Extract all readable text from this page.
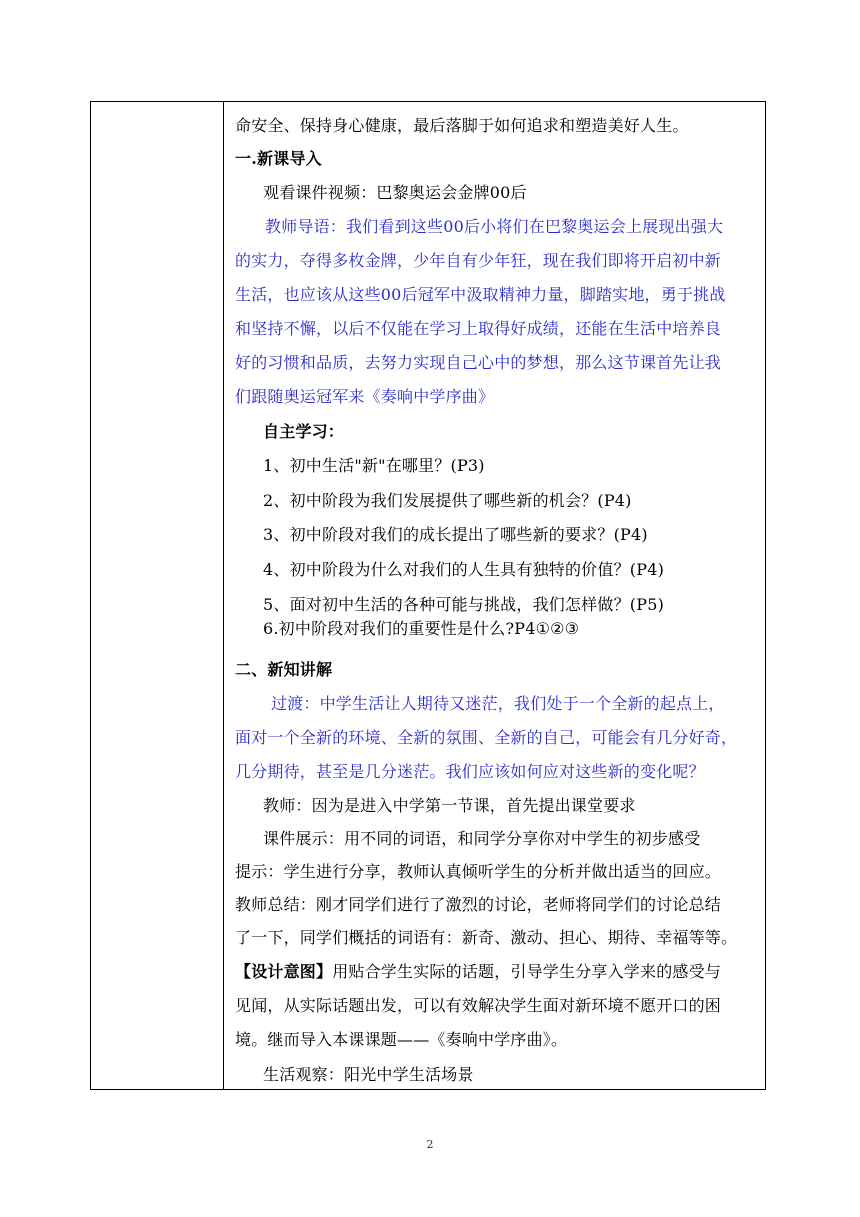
命安全、保持身心健康，最后落脚于如何追求和塑造美好人生。
一.新课导入
观看课件视频：巴黎奥运会金牌00后
教师导语：我们看到这些00后小将们在巴黎奥运会上展现出强大
的实力，夺得多枚金牌，少年自有少年狂，现在我们即将开启初中新
生活，也应该从这些00后冠军中汲取精神力量，脚踏实地，勇于挑战
和坚持不懈，以后不仅能在学习上取得好成绩，还能在生活中培养良
好的习惯和品质，去努力实现自己心中的梦想，那么这节课首先让我
们跟随奥运冠军来《奏响中学序曲》
自主学习：
1、初中生活"新"在哪里？(P3)
2、初中阶段为我们发展提供了哪些新的机会？(P4)
3、初中阶段对我们的成长提出了哪些新的要求？(P4)
4、初中阶段为什么对我们的人生具有独特的价值？(P4)
5、面对初中生活的各种可能与挑战，我们怎样做？(P5)
6.初中阶段对我们的重要性是什么?P4①②③
二、新知讲解
过渡：中学生活让人期待又迷茫，我们处于一个全新的起点上，
面对一个全新的环境、全新的氛围、全新的自己，可能会有几分好奇，
几分期待，甚至是几分迷茫。我们应该如何应对这些新的变化呢？
教师：因为是进入中学第一节课，首先提出课堂要求
课件展示：用不同的词语，和同学分享你对中学生的初步感受
提示：学生进行分享，教师认真倾听学生的分析并做出适当的回应。
教师总结：刚才同学们进行了激烈的讨论，老师将同学们的讨论总结
了一下，同学们概括的词语有：新奇、激动、担心、期待、幸福等等。
【设计意图】用贴合学生实际的话题，引导学生分享入学来的感受与
见闻，从实际话题出发，可以有效解决学生面对新环境不愿开口的困
境。继而导入本课课题——《奏响中学序曲》。
生活观察：阳光中学生活场景
2
